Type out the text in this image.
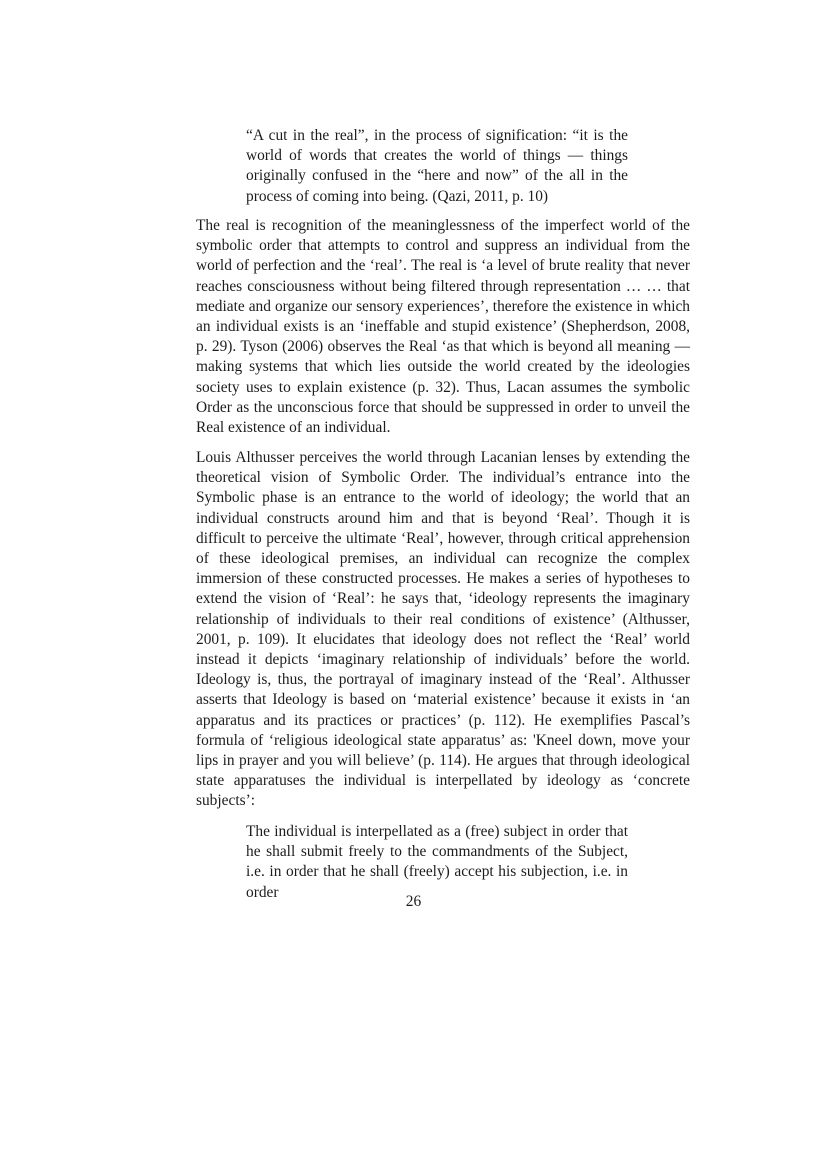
“A cut in the real”, in the process of signification: “it is the world of words that creates the world of things — things originally confused in the “here and now” of the all in the process of coming into being. (Qazi, 2011, p. 10)

The real is recognition of the meaninglessness of the imperfect world of the symbolic order that attempts to control and suppress an individual from the world of perfection and the ‘real’. The real is ‘a level of brute reality that never reaches consciousness without being filtered through representation … … that mediate and organize our sensory experiences’, therefore the existence in which an individual exists is an ‘ineffable and stupid existence’ (Shepherdson, 2008, p. 29). Tyson (2006) observes the Real ‘as that which is beyond all meaning — making systems that which lies outside the world created by the ideologies society uses to explain existence (p. 32). Thus, Lacan assumes the symbolic Order as the unconscious force that should be suppressed in order to unveil the Real existence of an individual.

Louis Althusser perceives the world through Lacanian lenses by extending the theoretical vision of Symbolic Order. The individual’s entrance into the Symbolic phase is an entrance to the world of ideology; the world that an individual constructs around him and that is beyond ‘Real’. Though it is difficult to perceive the ultimate ‘Real’, however, through critical apprehension of these ideological premises, an individual can recognize the complex immersion of these constructed processes. He makes a series of hypotheses to extend the vision of ‘Real’: he says that, ‘ideology represents the imaginary relationship of individuals to their real conditions of existence’ (Althusser, 2001, p. 109). It elucidates that ideology does not reflect the ‘Real’ world instead it depicts ‘imaginary relationship of individuals’ before the world. Ideology is, thus, the portrayal of imaginary instead of the ‘Real’. Althusser asserts that Ideology is based on ‘material existence’ because it exists in ‘an apparatus and its practices or practices’ (p. 112). He exemplifies Pascal’s formula of ‘religious ideological state apparatus’ as: 'Kneel down, move your lips in prayer and you will believe’ (p. 114). He argues that through ideological state apparatuses the individual is interpellated by ideology as ‘concrete subjects’:

The individual is interpellated as a (free) subject in order that he shall submit freely to the commandments of the Subject, i.e. in order that he shall (freely) accept his subjection, i.e. in order

26
